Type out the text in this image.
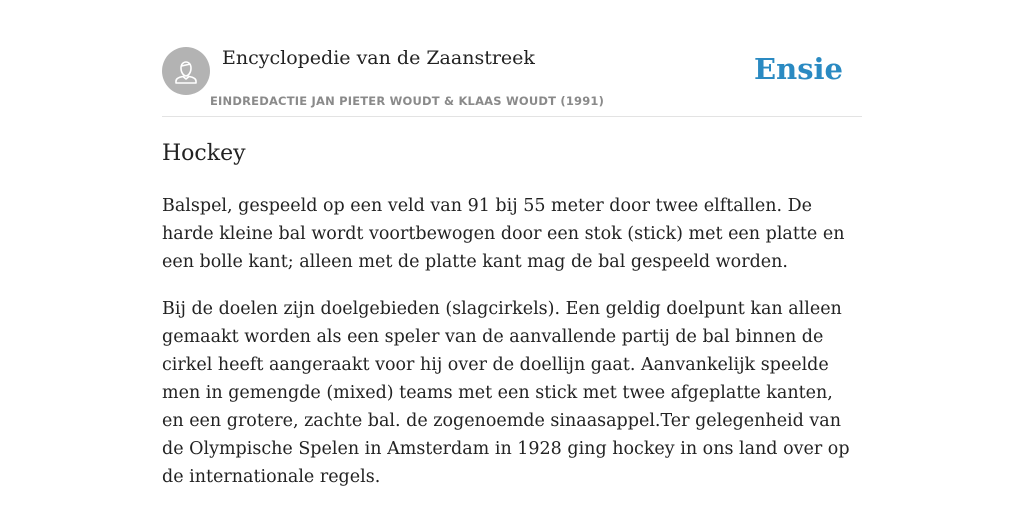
Encyclopedie van de Zaanstreek
EINDREDACTIE JAN PIETER WOUDT & KLAAS WOUDT (1991)
Ensie
Hockey

Balspel, gespeeld op een veld van 91 bij 55 meter door twee elftallen. De harde kleine bal wordt voortbewogen door een stok (stick) met een platte en een bolle kant; alleen met de platte kant mag de bal gespeeld worden.

Bij de doelen zijn doelgebieden (slagcirkels). Een geldig doelpunt kan alleen gemaakt worden als een speler van de aanvallende partij de bal binnen de cirkel heeft aangeraakt voor hij over de doellijn gaat. Aanvankelijk speelde men in gemengde (mixed) teams met een stick met twee afgeplatte kanten, en een grotere, zachte bal. de zogenoemde sinaasappel.Ter gelegenheid van de Olympische Spelen in Amsterdam in 1928 ging hockey in ons land over op de internationale regels.
